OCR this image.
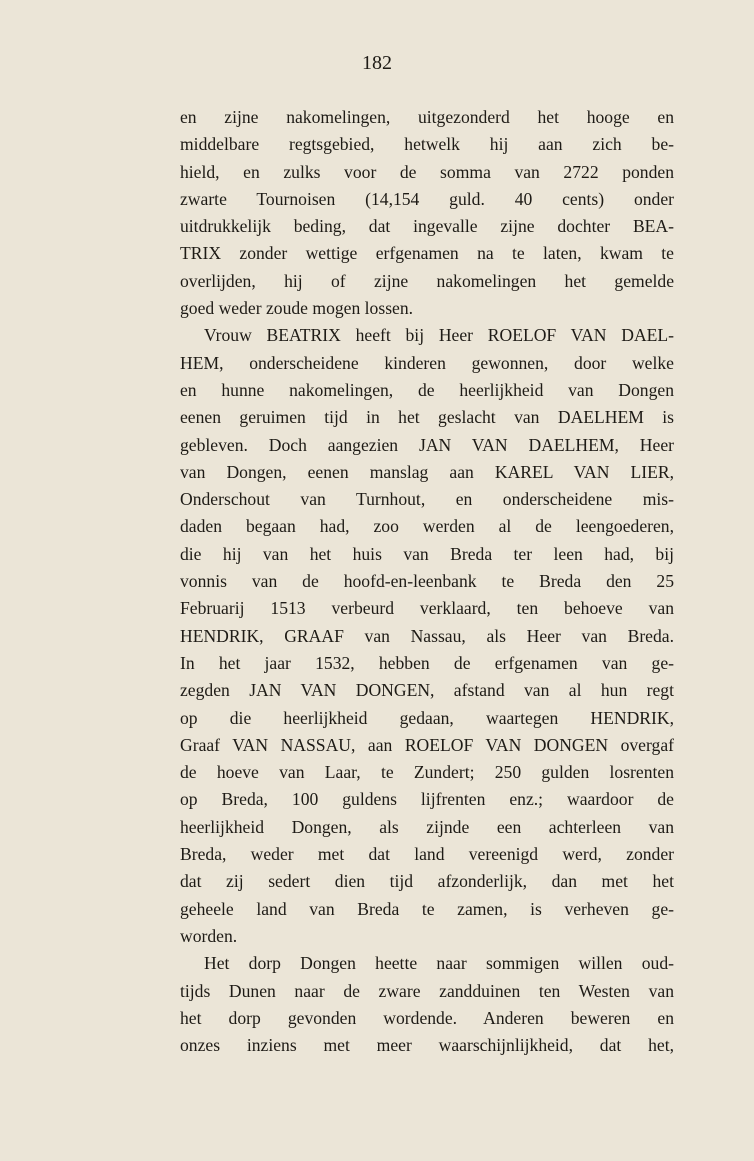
182
en zijne nakomelingen, uitgezonderd het hooge en
middelbare regtsgebied, hetwelk hij aan zich be-
hield, en zulks voor de somma van 2722 ponden
zwarte Tournoisen (14,154 guld. 40 cents) onder
uitdrukkelijk beding, dat ingevalle zijne dochter BEA-
TRIX zonder wettige erfgenamen na te laten, kwam te
overlijden, hij of zijne nakomelingen het gemelde
goed weder zoude mogen lossen.
Vrouw BEATRIX heeft bij Heer ROELOF VAN DAEL-
HEM, onderscheidene kinderen gewonnen, door welke
en hunne nakomelingen, de heerlijkheid van Dongen
eenen geruimen tijd in het geslacht van DAELHEM is
gebleven. Doch aangezien JAN VAN DAELHEM, Heer
van Dongen, eenen manslag aan KAREL VAN LIER,
Onderschout van Turnhout, en onderscheidene mis-
daden begaan had, zoo werden al de leengoederen,
die hij van het huis van Breda ter leen had, bij
vonnis van de hoofd-en-leenbank te Breda den 25
Februarij 1513 verbeurd verklaard, ten behoeve van
HENDRIK, GRAAF van Nassau, als Heer van Breda.
In het jaar 1532, hebben de erfgenamen van ge-
zegden JAN VAN DONGEN, afstand van al hun regt
op die heerlijkheid gedaan, waartegen HENDRIK,
Graaf VAN NASSAU, aan ROELOF VAN DONGEN overgaf
de hoeve van Laar, te Zundert; 250 gulden losrenten
op Breda, 100 guldens lijfrenten enz.; waardoor de
heerlijkheid Dongen, als zijnde een achterleen van
Breda, weder met dat land vereenigd werd, zonder
dat zij sedert dien tijd afzonderlijk, dan met het
geheele land van Breda te zamen, is verheven ge-
worden.
Het dorp Dongen heette naar sommigen willen oud-
tijds Dunen naar de zware zandduinen ten Westen van
het dorp gevonden wordende. Anderen beweren en
onzes inziens met meer waarschijnlijkheid, dat het,
